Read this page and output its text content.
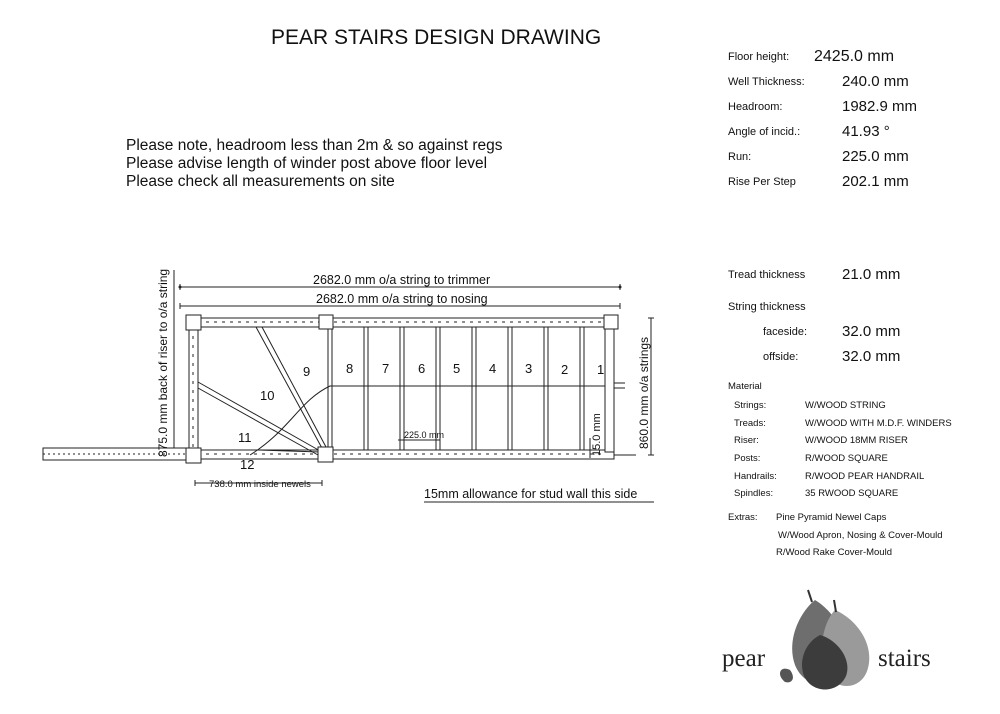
PEAR STAIRS DESIGN DRAWING
Please note, headroom less than 2m & so against regs
Please advise length of winder post above floor level
Please check all measurements on site
Floor height: 2425.0 mm
Well Thickness: 240.0 mm
Headroom:	1982.9 mm
Angle of incid.:	41.93 °
Run:	225.0 mm
Rise Per Step	202.1 mm
Tread thickness 21.0 mm
String thickness
faceside: 32.0 mm
offside:	32.0 mm
Material
Strings:	W/WOOD STRING
Treads:	W/WOOD WITH M.D.F. WINDERS
Riser:	W/WOOD 18MM RISER
Posts:	R/WOOD SQUARE
Handrails:	R/WOOD PEAR HANDRAIL
Spindles:	35 RWOOD SQUARE
Extras: Pine Pyramid Newel Caps
W/Wood Apron, Nosing & Cover-Mould
R/Wood Rake Cover-Mould
2682.0 mm o/a string to trimmer
2682.0 mm o/a string to nosing
875.0 mm back of riser to o/a string	860.0 mm o/a strings
225.0 mm	15.0 mm
738.0 mm inside newels
15mm allowance for stud wall this side
1
2
3
4
5
6
7
8
9
10
11
12
pear	stairs
